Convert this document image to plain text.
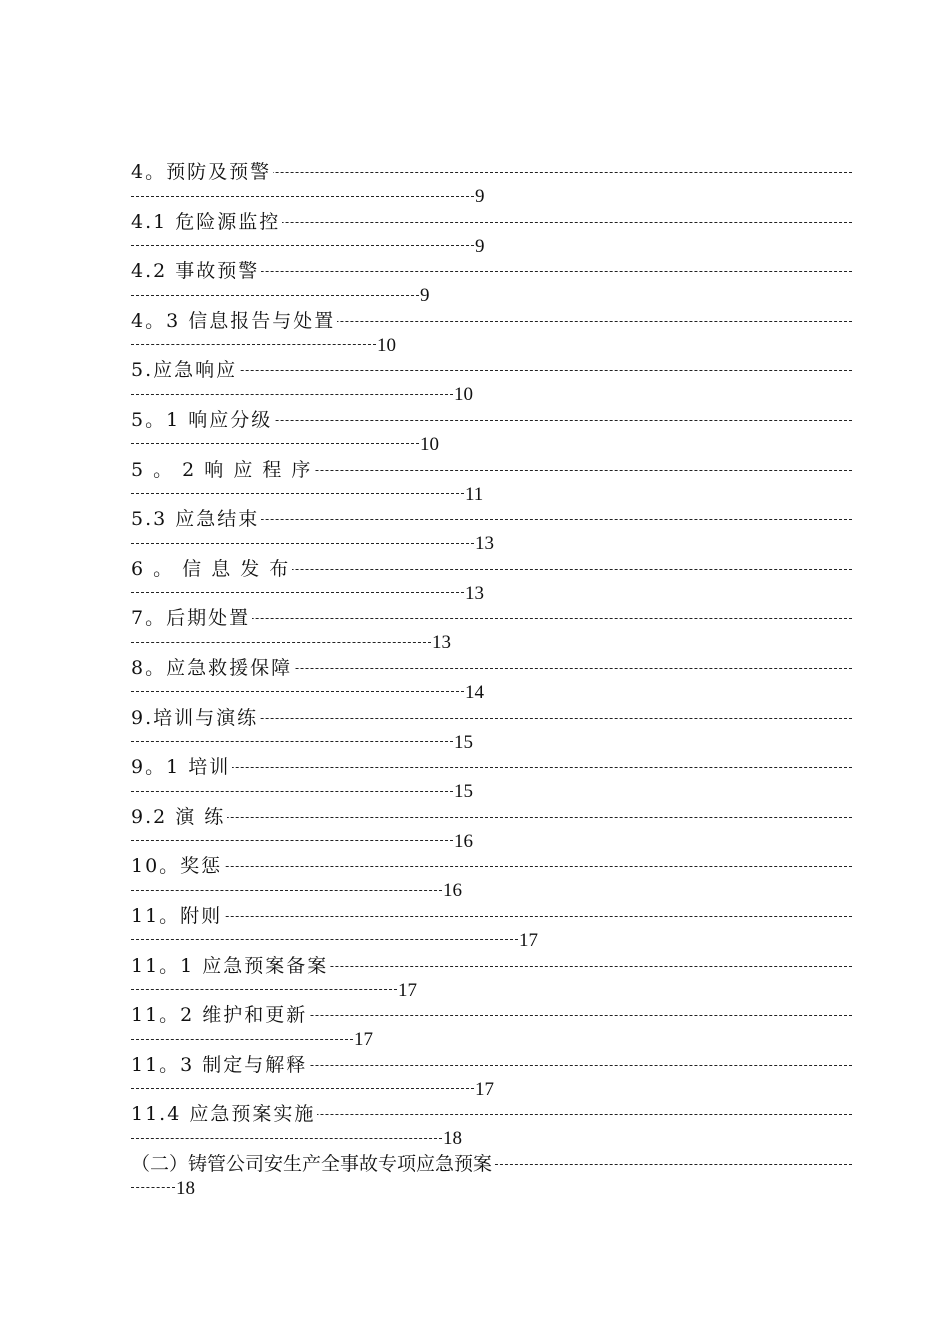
4。预防及预警
9
4.1 危险源监控
9
4.2 事故预警
9
4。3 信息报告与处置
10
5.应急响应
10
5。1 响应分级
10
5 。 2 响 应 程 序
11
5.3 应急结束
13
6 。 信 息 发 布
13
7。后期处置
13
8。应急救援保障
14
9.培训与演练
15
9。1 培训
15
9.2 演 练
16
10。奖惩
16
11。附则
17
11。1 应急预案备案
17
11。2 维护和更新
17
11。3 制定与解释
17
11.4 应急预案实施
18
（二）铸管公司安生产全事故专项应急预案
18
